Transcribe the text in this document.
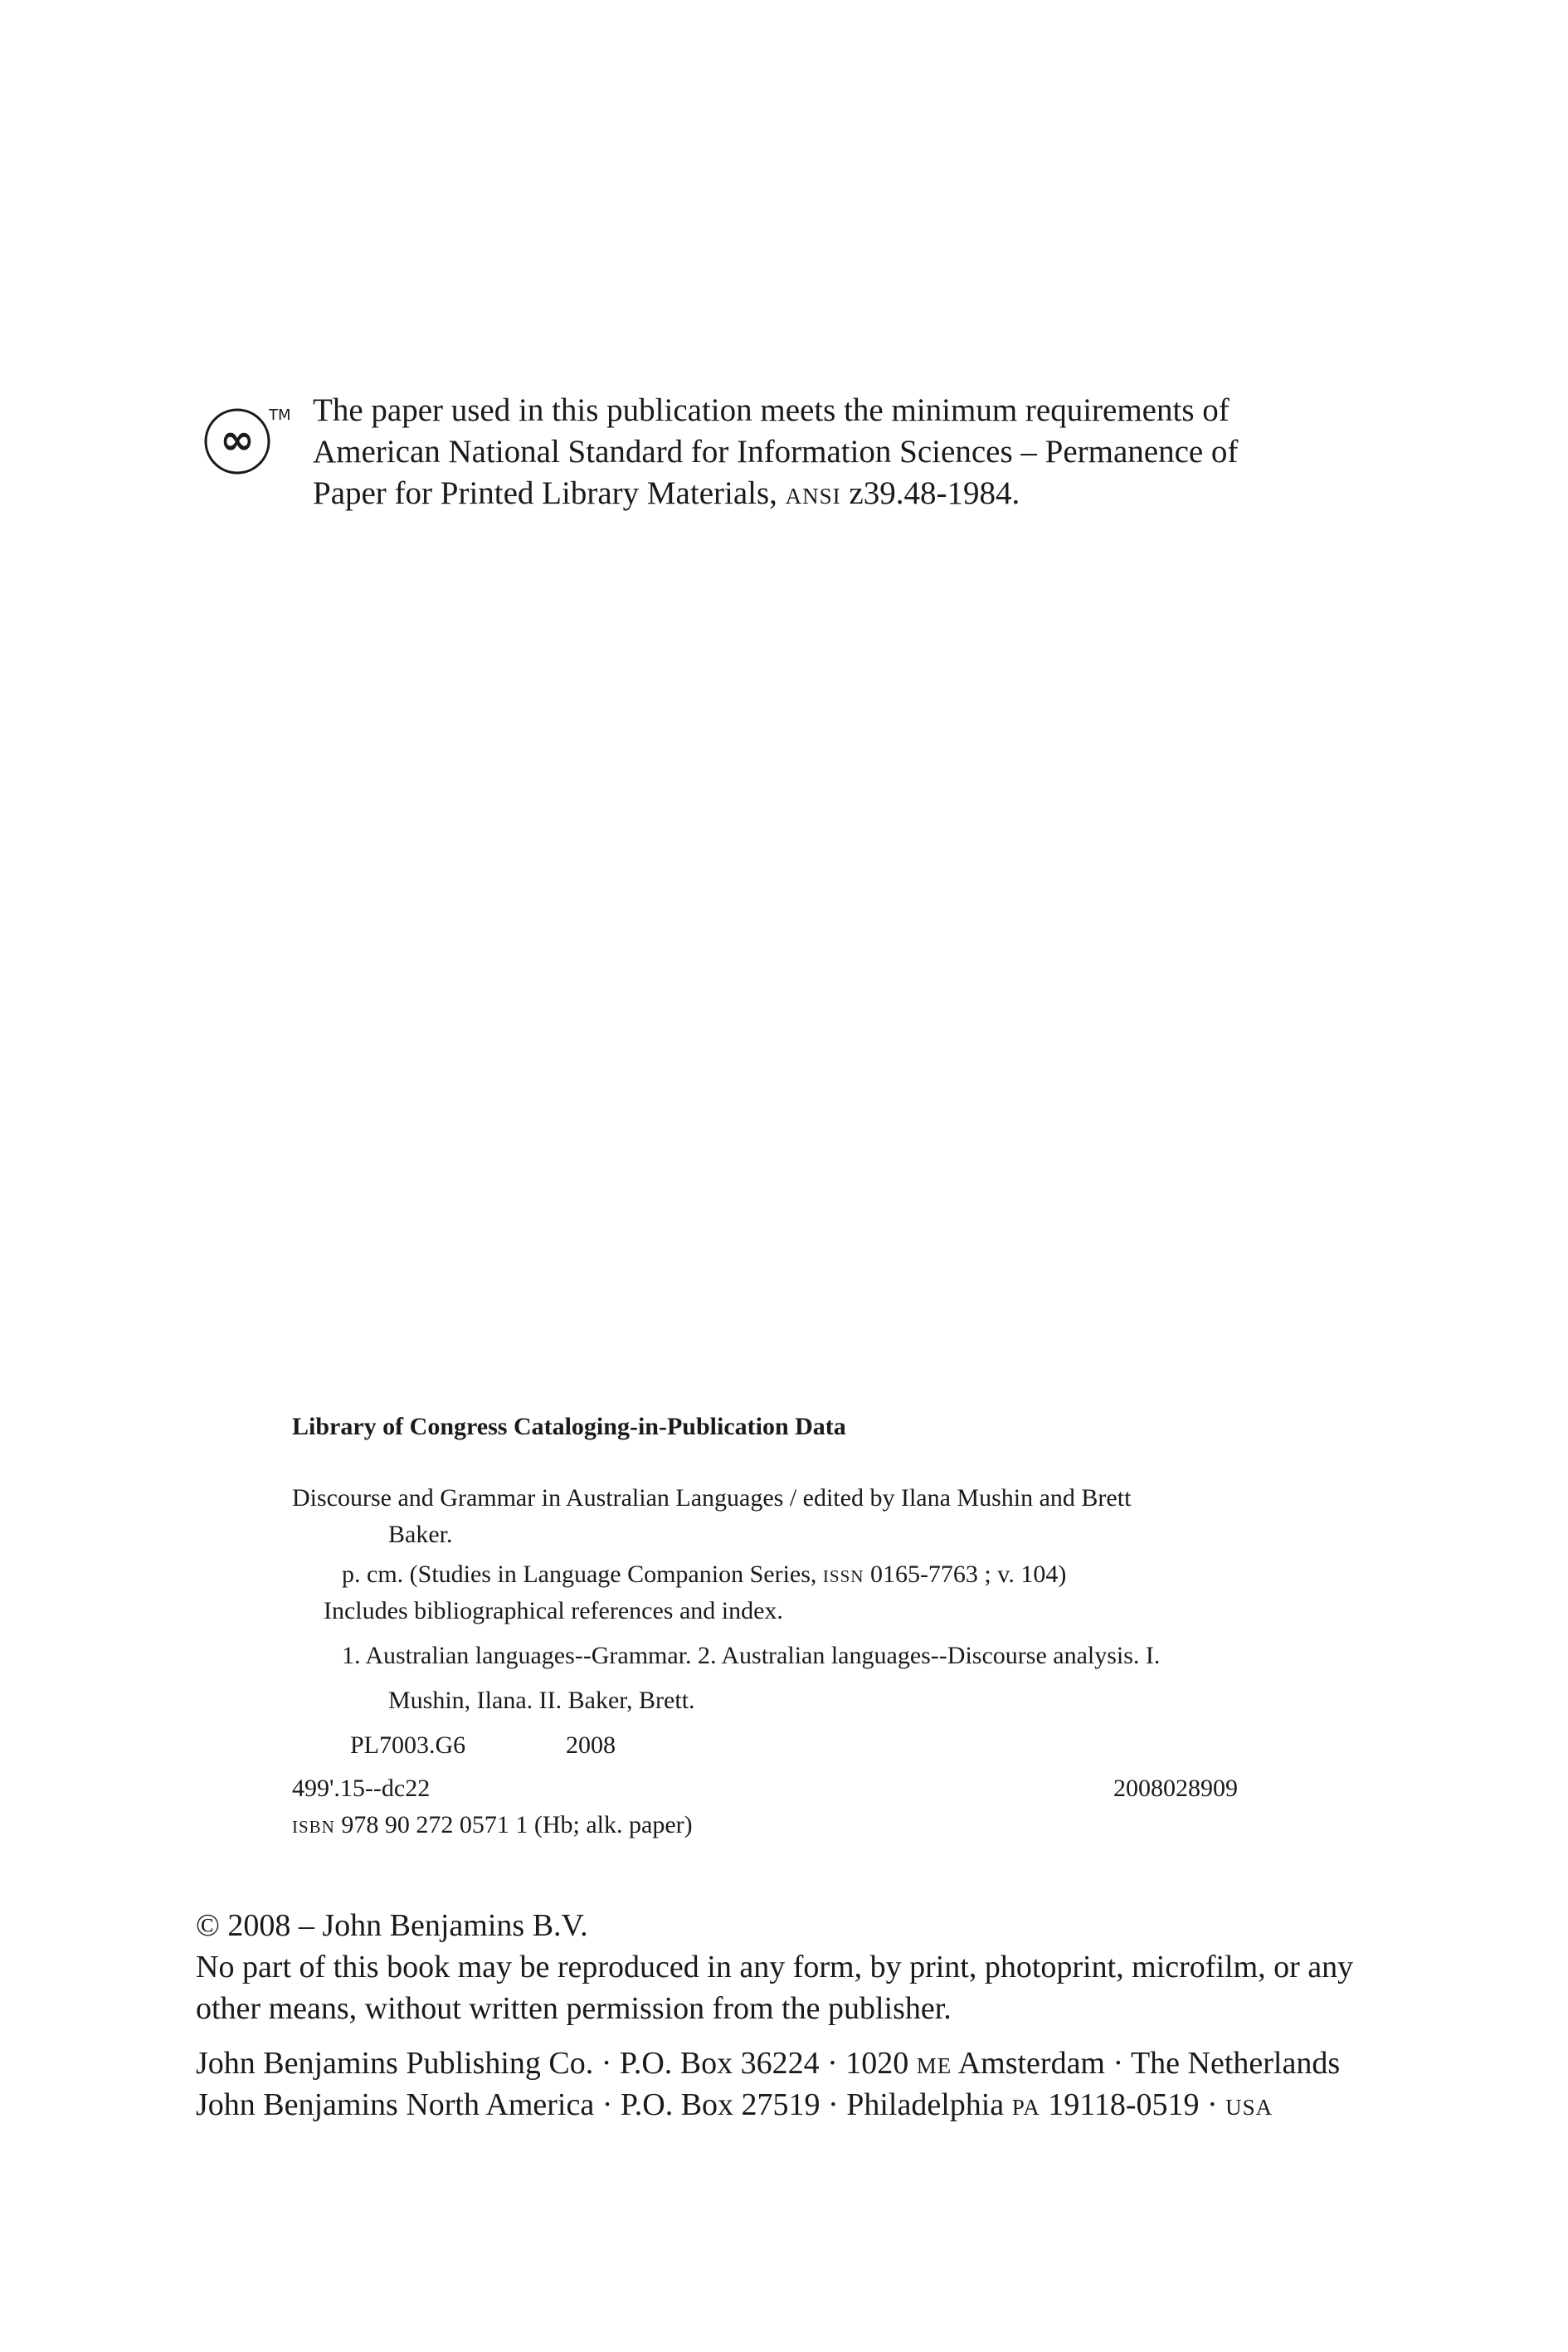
∞
TM The paper used in this publication meets the minimum requirements of
American National Standard for Information Sciences – Permanence of
Paper for Printed Library Materials, ansi z39.48-1984.
Library of Congress Cataloging-in-Publication Data
Discourse and Grammar in Australian Languages / edited by Ilana Mushin and Brett
Baker.
p. cm. (Studies in Language Companion Series, issn 0165-7763 ; v. 104)
Includes bibliographical references and index.
1. Australian languages--Grammar. 2. Australian languages--Discourse analysis. I.
Mushin, Ilana. II. Baker, Brett.
PL7003.G6	2008
499'.15--dc22	2008028909
isbn 978 90 272 0571 1 (Hb; alk. paper)
© 2008 – John Benjamins B.V.
No part of this book may be reproduced in any form, by print, photoprint, microfilm, or any
other means, without written permission from the publisher.
John Benjamins Publishing Co. · P.O. Box 36224 · 1020 me Amsterdam · The Netherlands
John Benjamins North America · P.O. Box 27519 · Philadelphia pa 19118-0519 · usa
